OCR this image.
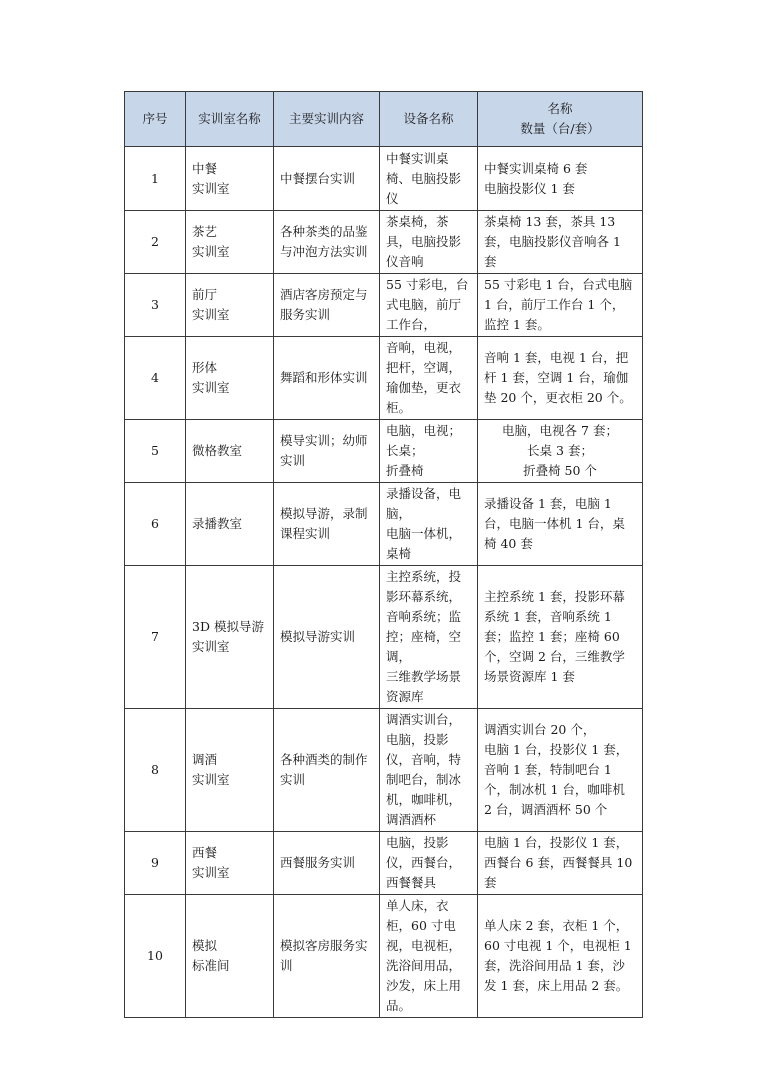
序号	实训室名称	主要实训内容	设备名称	名称
数量（台/套）

1	中餐
实训室	中餐摆台实训	中餐实训桌椅、电脑投影仪	中餐实训桌椅 6 套
电脑投影仪 1 套

2	茶艺
实训室	各种茶类的品鉴与冲泡方法实训	茶桌椅，茶具，电脑投影仪音响	茶桌椅 13 套，茶具 13 套，电脑投影仪音响各 1 套

3	前厅
实训室	酒店客房预定与服务实训	55 寸彩电，台式电脑，前厅工作台，	55 寸彩电 1 台，台式电脑 1 台，前厅工作台 1 个，监控 1 套。

4	形体
实训室	舞蹈和形体实训	音响，电视，把杆，空调，瑜伽垫，更衣柜。	音响 1 套，电视 1 台，把杆 1 套，空调 1 台，瑜伽垫 20 个，更衣柜 20 个。

5	微格教室	模导实训；幼师实训	电脑，电视；
长桌；
折叠椅	电脑，电视各 7 套；
长桌 3 套；
折叠椅 50 个

6	录播教室	模拟导游，录制课程实训	录播设备，电脑，
电脑一体机，桌椅	录播设备 1 套，电脑 1 台，电脑一体机 1 台，桌椅 40 套

7	3D 模拟导游实训室	模拟导游实训	主控系统，投影环幕系统，音响系统；监控；座椅，空调，
三维教学场景资源库	主控系统 1 套，投影环幕系统 1 套，音响系统 1 套；监控 1 套；座椅 60 个，空调 2 台，三维教学场景资源库 1 套

8	调酒
实训室	各种酒类的制作实训	调酒实训台，电脑，投影仪，音响，特制吧台，制冰机，咖啡机，调酒酒杯	调酒实训台 20 个，
电脑 1 台，投影仪 1 套，音响 1 套，特制吧台 1 个，制冰机 1 台，咖啡机 2 台，调酒酒杯 50 个

9	西餐
实训室	西餐服务实训	电脑，投影仪，西餐台，西餐餐具	电脑 1 台，投影仪 1 套，西餐台 6 套，西餐餐具 10 套

10	模拟
标准间	模拟客房服务实训	单人床，衣柜，60 寸电视，电视柜，洗浴间用品，沙发，床上用品。	单人床 2 套，衣柜 1 个，60 寸电视 1 个，电视柜 1 套，洗浴间用品 1 套，沙发 1 套，床上用品 2 套。
